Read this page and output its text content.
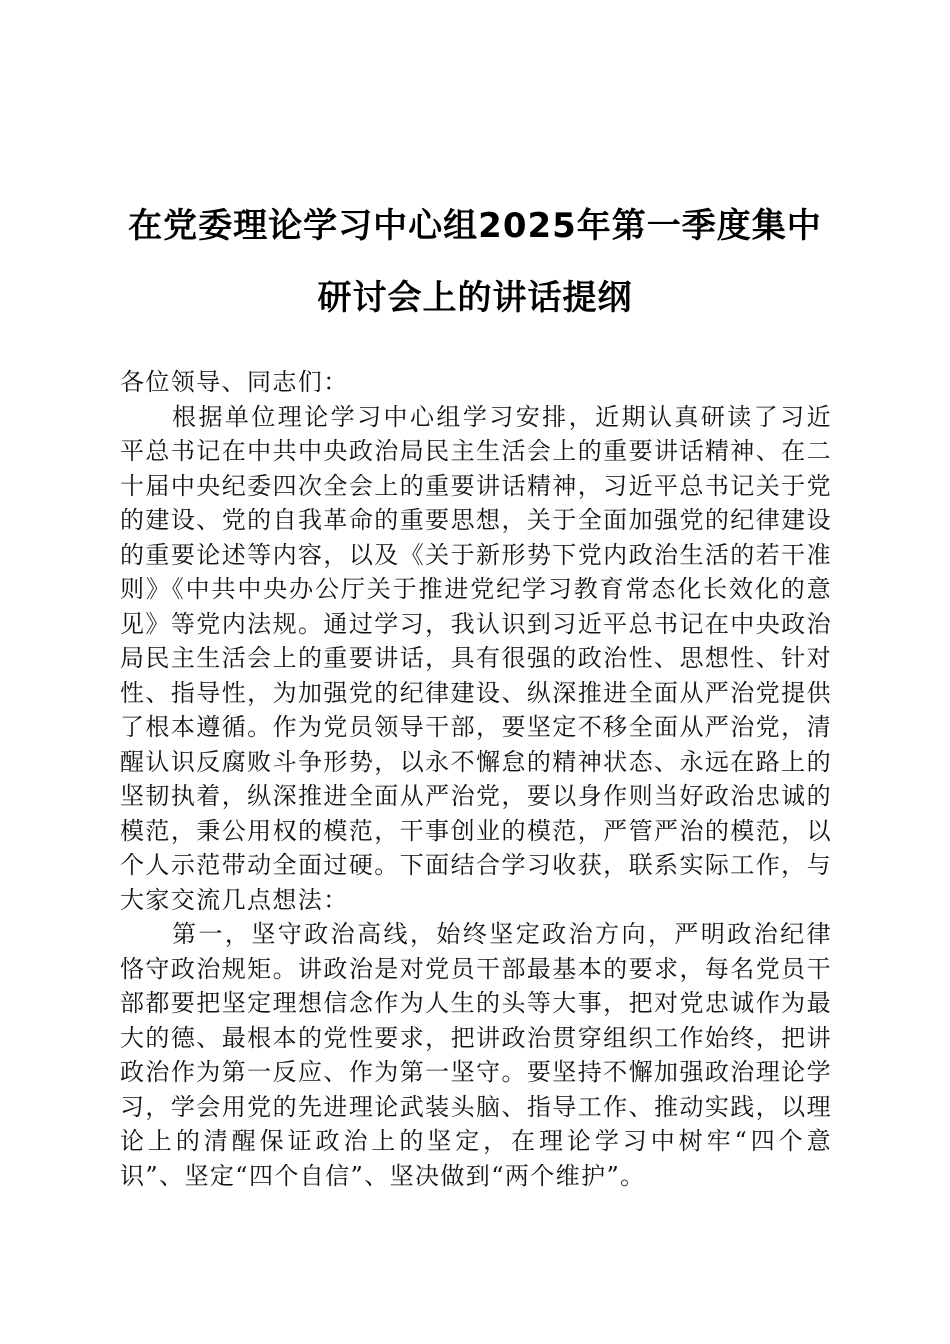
在党委理论学习中心组2025年第一季度集中
研讨会上的讲话提纲

各位领导、同志们：

根据单位理论学习中心组学习安排，近期认真研读了习近平总书记在中共中央政治局民主生活会上的重要讲话精神、在二十届中央纪委四次全会上的重要讲话精神，习近平总书记关于党的建设、党的自我革命的重要思想，关于全面加强党的纪律建设的重要论述等内容，以及《关于新形势下党内政治生活的若干准则》《中共中央办公厅关于推进党纪学习教育常态化长效化的意见》等党内法规。通过学习，我认识到习近平总书记在中央政治局民主生活会上的重要讲话，具有很强的政治性、思想性、针对性、指导性，为加强党的纪律建设、纵深推进全面从严治党提供了根本遵循。作为党员领导干部，要坚定不移全面从严治党，清醒认识反腐败斗争形势，以永不懈怠的精神状态、永远在路上的坚韧执着，纵深推进全面从严治党，要以身作则当好政治忠诚的模范，秉公用权的模范，干事创业的模范，严管严治的模范，以个人示范带动全面过硬。下面结合学习收获，联系实际工作，与大家交流几点想法：

第一，坚守政治高线，始终坚定政治方向，严明政治纪律恪守政治规矩。讲政治是对党员干部最基本的要求，每名党员干部都要把坚定理想信念作为人生的头等大事，把对党忠诚作为最大的德、最根本的党性要求，把讲政治贯穿组织工作始终，把讲政治作为第一反应、作为第一坚守。要坚持不懈加强政治理论学习，学会用党的先进理论武装头脑、指导工作、推动实践，以理论上的清醒保证政治上的坚定，在理论学习中树牢“四个意识”、坚定“四个自信”、坚决做到“两个维护”。
